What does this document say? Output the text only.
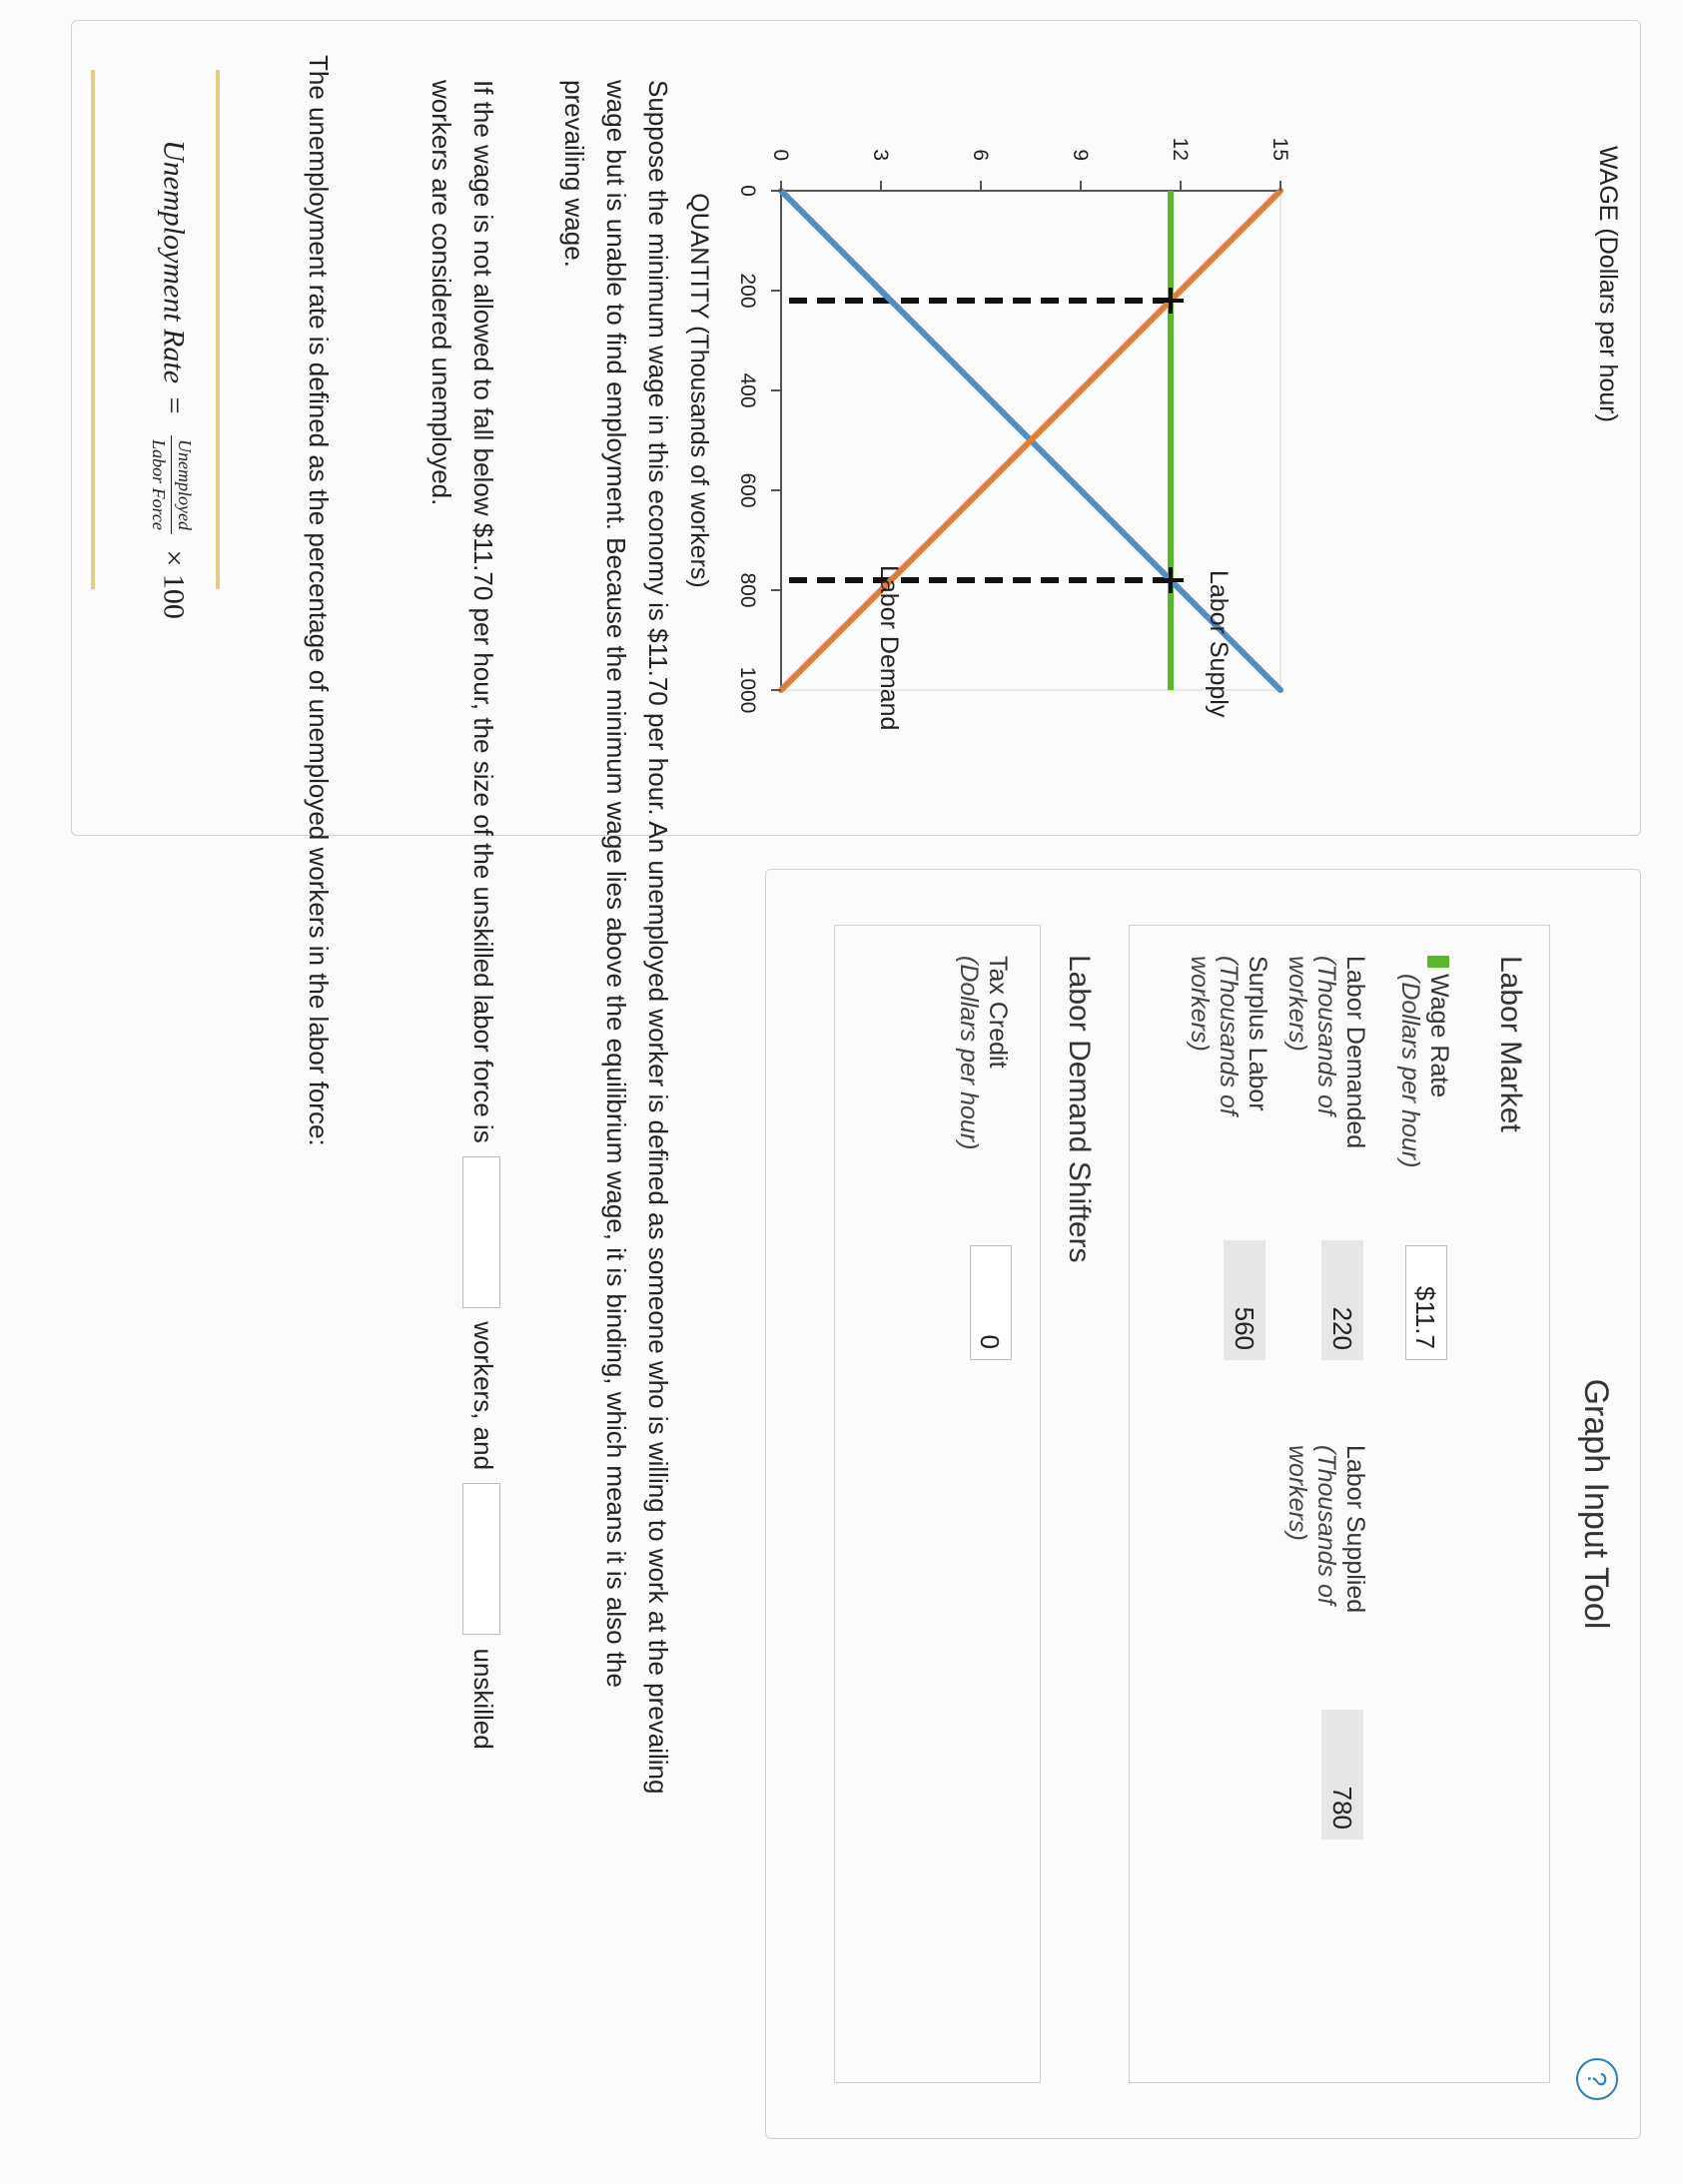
WAGE (Dollars per hour)
QUANTITY (Thousands of workers)
0
200
400
600
800
1000
0	3	6	9	12	15
Labor Supply
Labor Demand
Graph Input Tool
?
Labor Market
Wage Rate
(Dollars per hour)
$11.7
Labor Demanded
(Thousands of workers)
220
Labor Supplied
(Thousands of workers)
780
Surplus Labor
(Thousands of workers)
560
Labor Demand Shifters
Tax Credit
(Dollars per hour)
0
Suppose the minimum wage in this economy is $11.70 per hour. An unemployed worker is defined as someone who is willing to work at the prevailing
wage but is unable to find employment. Because the minimum wage lies above the equilibrium wage, it is binding, which means it is also the
prevailing wage.
If the wage is not allowed to fall below $11.70 per hour, the size of the unskilled labor force is  workers, and  unskilled
workers are considered unemployed.
The unemployment rate is defined as the percentage of unemployed workers in the labor force:
Unemployment Rate =
Unemployed
Labor Force
× 100
